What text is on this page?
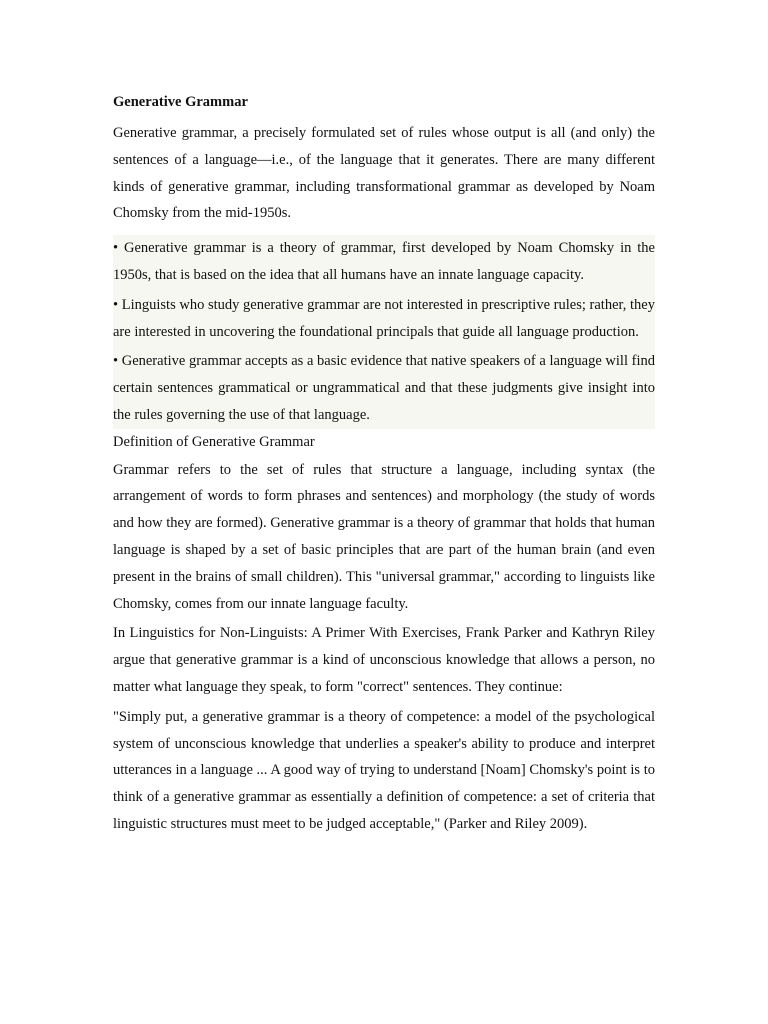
Generative Grammar

Generative grammar, a precisely formulated set of rules whose output is all (and only) the sentences of a language—i.e., of the language that it generates. There are many different kinds of generative grammar, including transformational grammar as developed by Noam Chomsky from the mid-1950s.

• Generative grammar is a theory of grammar, first developed by Noam Chomsky in the 1950s, that is based on the idea that all humans have an innate language capacity.

• Linguists who study generative grammar are not interested in prescriptive rules; rather, they are interested in uncovering the foundational principals that guide all language production.

• Generative grammar accepts as a basic evidence that native speakers of a language will find certain sentences grammatical or ungrammatical and that these judgments give insight into the rules governing the use of that language.

Definition of Generative Grammar

Grammar refers to the set of rules that structure a language, including syntax (the arrangement of words to form phrases and sentences) and morphology (the study of words and how they are formed). Generative grammar is a theory of grammar that holds that human language is shaped by a set of basic principles that are part of the human brain (and even present in the brains of small children). This "universal grammar," according to linguists like Chomsky, comes from our innate language faculty.

In Linguistics for Non-Linguists: A Primer With Exercises, Frank Parker and Kathryn Riley argue that generative grammar is a kind of unconscious knowledge that allows a person, no matter what language they speak, to form "correct" sentences. They continue:

"Simply put, a generative grammar is a theory of competence: a model of the psychological system of unconscious knowledge that underlies a speaker's ability to produce and interpret utterances in a language ... A good way of trying to understand [Noam] Chomsky's point is to think of a generative grammar as essentially a definition of competence: a set of criteria that linguistic structures must meet to be judged acceptable," (Parker and Riley 2009).
